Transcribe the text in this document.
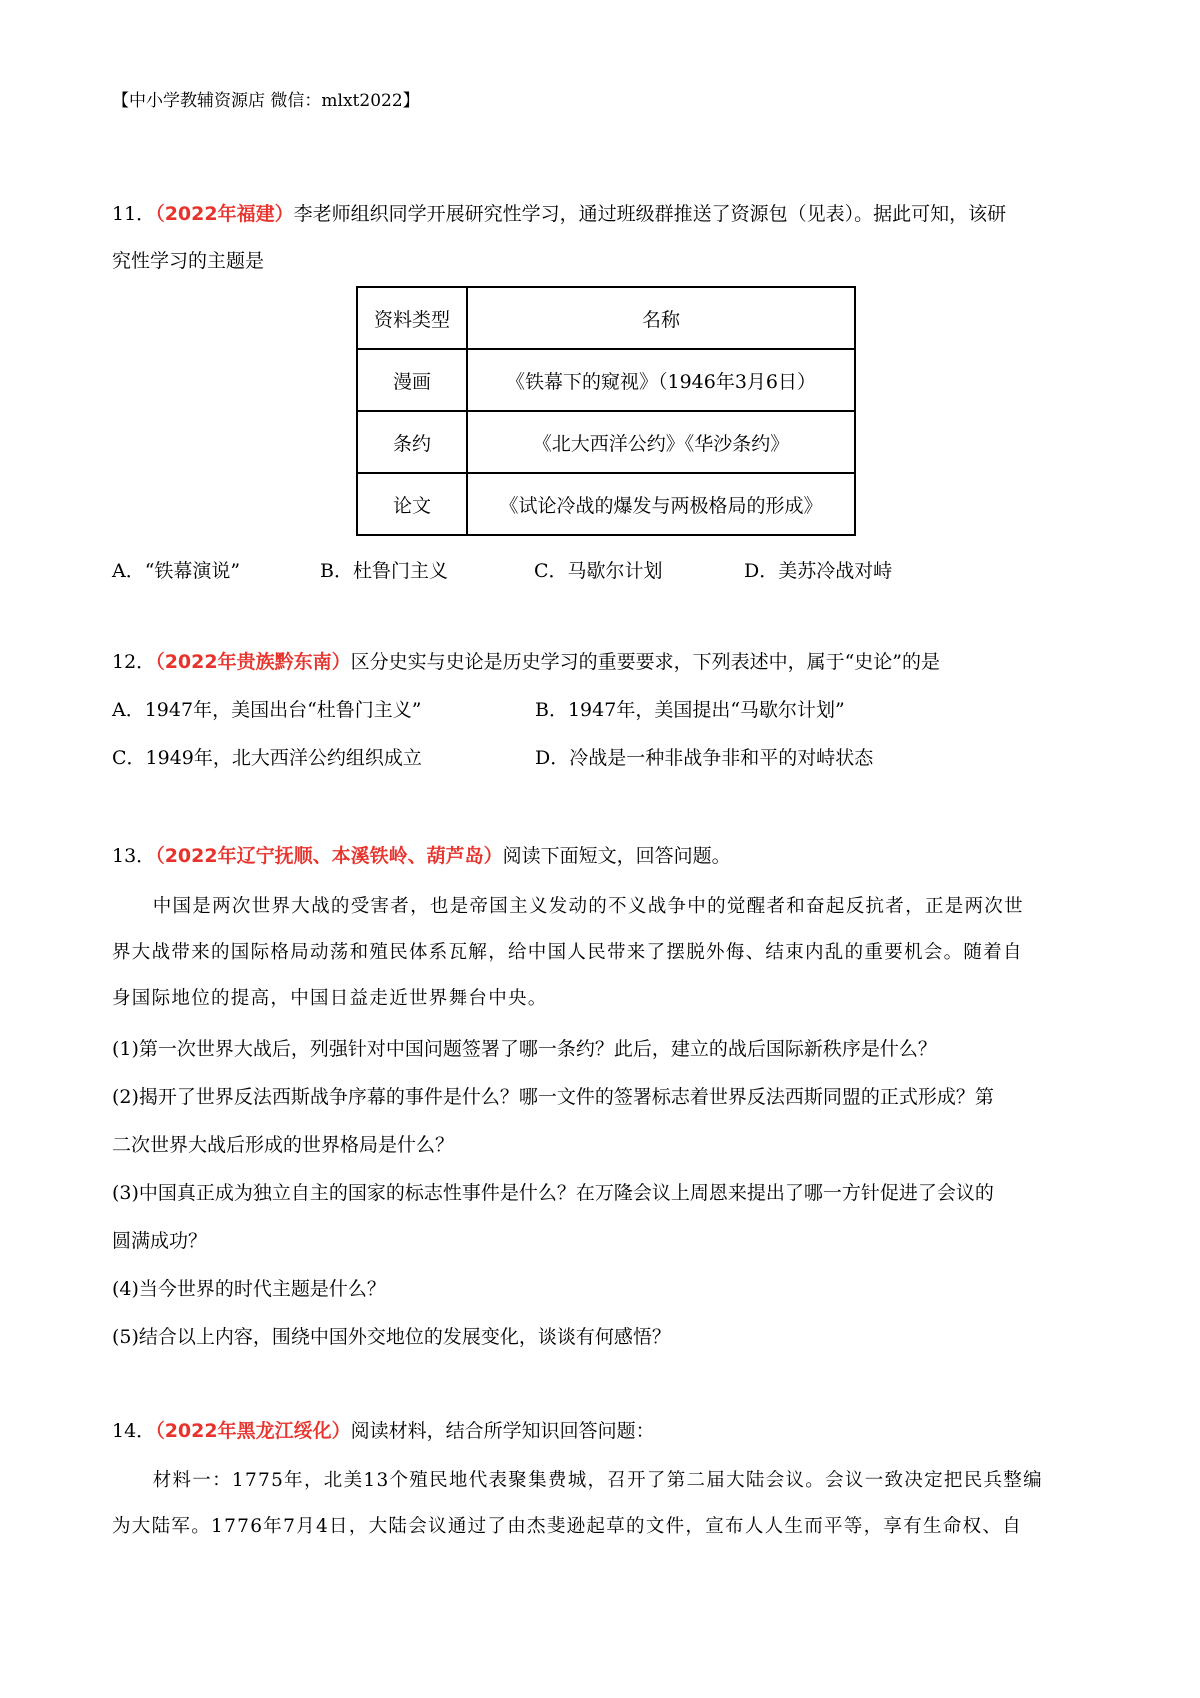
【中小学教辅资源店 微信：mlxt2022】
11．（2022年福建）李老师组织同学开展研究性学习，通过班级群推送了资源包（见表）。据此可知，该研
究性学习的主题是
资料类型	名称
漫画	《铁幕下的窥视》（1946年3月6日）
条约	《北大西洋公约》《华沙条约》
论文	《试论冷战的爆发与两极格局的形成》
A．“铁幕演说”	B．杜鲁门主义	C．马歇尔计划	D．美苏冷战对峙
12．（2022年贵族黔东南）区分史实与史论是历史学习的重要要求，下列表述中，属于“史论”的是
A．1947年，美国出台“杜鲁门主义”	B．1947年，美国提出“马歇尔计划”
C．1949年，北大西洋公约组织成立	D．冷战是一种非战争非和平的对峙状态
13．（2022年辽宁抚顺、本溪铁岭、葫芦岛）阅读下面短文，回答问题。
中国是两次世界大战的受害者，也是帝国主义发动的不义战争中的觉醒者和奋起反抗者，正是两次世
界大战带来的国际格局动荡和殖民体系瓦解，给中国人民带来了摆脱外侮、结束内乱的重要机会。随着自
身国际地位的提高，中国日益走近世界舞台中央。
(1)第一次世界大战后，列强针对中国问题签署了哪一条约？此后，建立的战后国际新秩序是什么？
(2)揭开了世界反法西斯战争序幕的事件是什么？哪一文件的签署标志着世界反法西斯同盟的正式形成？第
二次世界大战后形成的世界格局是什么？
(3)中国真正成为独立自主的国家的标志性事件是什么？在万隆会议上周恩来提出了哪一方针促进了会议的
圆满成功？
(4)当今世界的时代主题是什么？
(5)结合以上内容，围绕中国外交地位的发展变化，谈谈有何感悟？
14．（2022年黑龙江绥化）阅读材料，结合所学知识回答问题：
材料一：1775年，北美13个殖民地代表聚集费城，召开了第二届大陆会议。会议一致决定把民兵整编
为大陆军。1776年7月4日，大陆会议通过了由杰斐逊起草的文件，宣布人人生而平等，享有生命权、自
